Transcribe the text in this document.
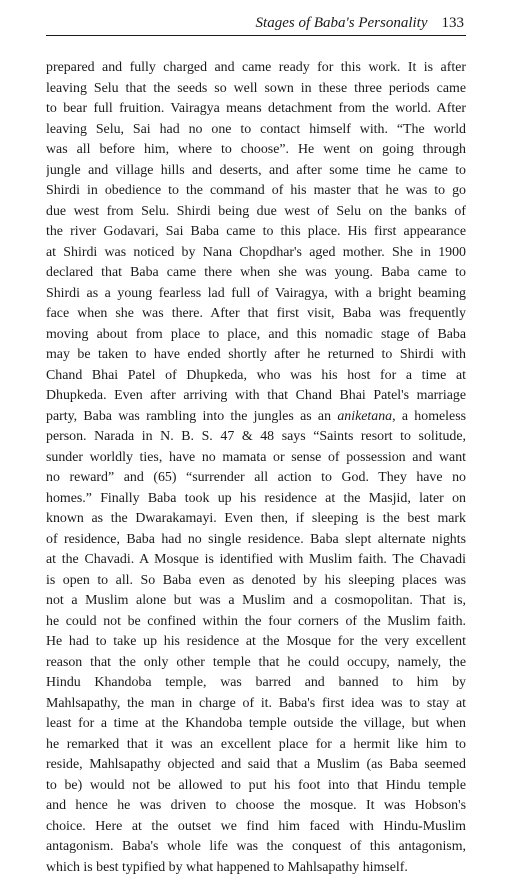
Stages of Baba's Personality 133
prepared and fully charged and came ready for this work. It is after
leaving Selu that the seeds so well sown in these three periods came
to bear full fruition. Vairagya means detachment from the world. After
leaving Selu, Sai had no one to contact himself with. “The world
was all before him, where to choose”. He went on going through
jungle and village hills and deserts, and after some time he came to
Shirdi in obedience to the command of his master that he was to go
due west from Selu. Shirdi being due west of Selu on the banks of
the river Godavari, Sai Baba came to this place. His first appearance
at Shirdi was noticed by Nana Chopdhar's aged mother. She in 1900
declared that Baba came there when she was young. Baba came to
Shirdi as a young fearless lad full of Vairagya, with a bright beaming
face when she was there. After that first visit, Baba was frequently
moving about from place to place, and this nomadic stage of Baba
may be taken to have ended shortly after he returned to Shirdi with
Chand Bhai Patel of Dhupkeda, who was his host for a time at
Dhupkeda. Even after arriving with that Chand Bhai Patel's marriage
party, Baba was rambling into the jungles as an aniketana, a homeless
person. Narada in N. B. S. 47 & 48 says “Saints resort to solitude,
sunder worldly ties, have no mamata or sense of possession and want
no reward” and (65) “surrender all action to God. They have no
homes.” Finally Baba took up his residence at the Masjid, later on
known as the Dwarakamayi. Even then, if sleeping is the best mark
of residence, Baba had no single residence. Baba slept alternate nights
at the Chavadi. A Mosque is identified with Muslim faith. The Chavadi
is open to all. So Baba even as denoted by his sleeping places was
not a Muslim alone but was a Muslim and a cosmopolitan. That is,
he could not be confined within the four corners of the Muslim faith.
He had to take up his residence at the Mosque for the very excellent
reason that the only other temple that he could occupy, namely, the
Hindu Khandoba temple, was barred and banned to him by
Mahlsapathy, the man in charge of it. Baba's first idea was to stay at
least for a time at the Khandoba temple outside the village, but when
he remarked that it was an excellent place for a hermit like him to
reside, Mahlsapathy objected and said that a Muslim (as Baba seemed
to be) would not be allowed to put his foot into that Hindu temple
and hence he was driven to choose the mosque. It was Hobson's
choice. Here at the outset we find him faced with Hindu-Muslim
antagonism. Baba's whole life was the conquest of this antagonism,
which is best typified by what happened to Mahlsapathy himself.
